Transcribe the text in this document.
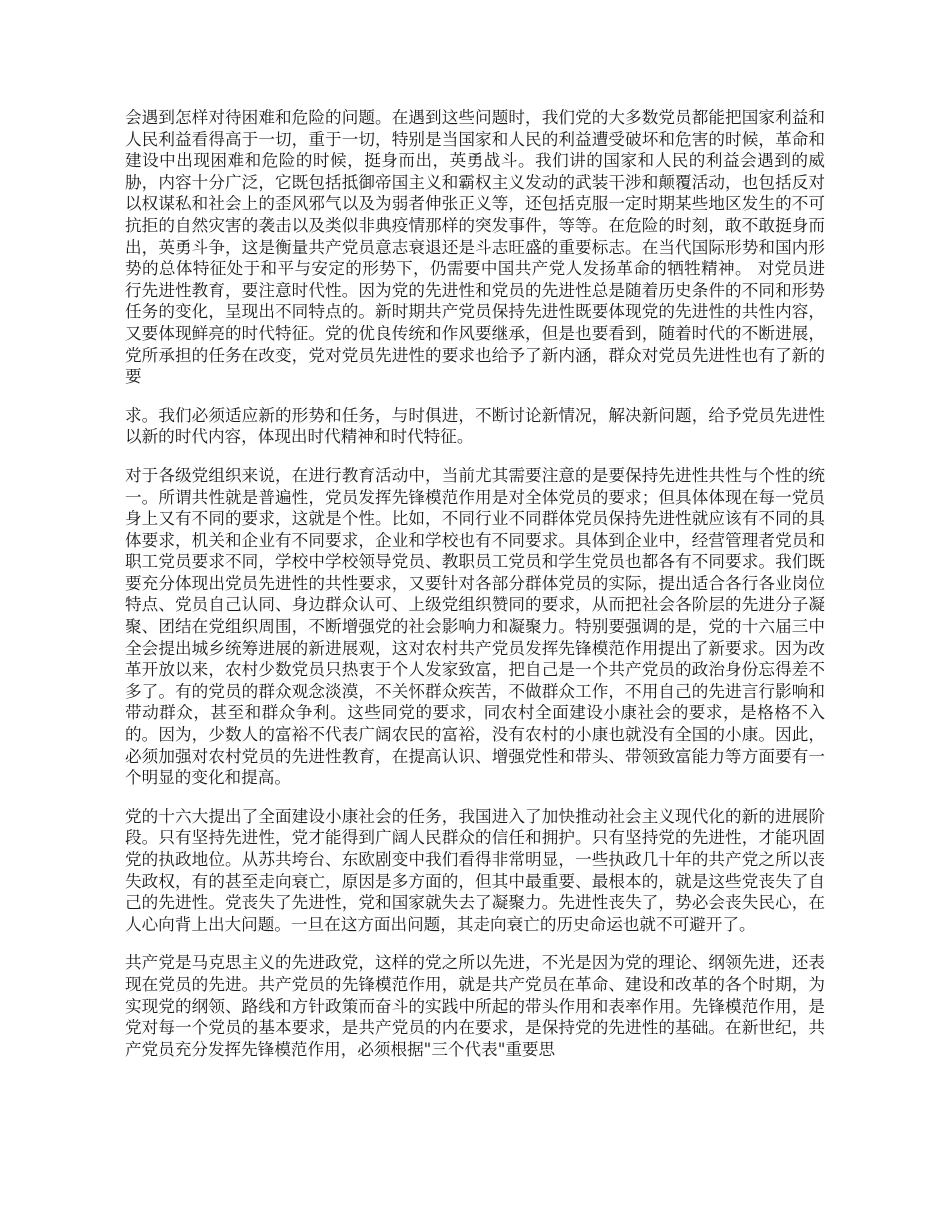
会遇到怎样对待困难和危险的问题。在遇到这些问题时，我们党的大多数党员都能把国家利益和人民利益看得高于一切，重于一切，特别是当国家和人民的利益遭受破坏和危害的时候，革命和建设中出现困难和危险的时候，挺身而出，英勇战斗。我们讲的国家和人民的利益会遇到的威胁，内容十分广泛，它既包括抵御帝国主义和霸权主义发动的武装干涉和颠覆活动，也包括反对以权谋私和社会上的歪风邪气以及为弱者伸张正义等，还包括克服一定时期某些地区发生的不可抗拒的自然灾害的袭击以及类似非典疫情那样的突发事件，等等。在危险的时刻，敢不敢挺身而出，英勇斗争，这是衡量共产党员意志衰退还是斗志旺盛的重要标志。在当代国际形势和国内形势的总体特征处于和平与安定的形势下，仍需要中国共产党人发扬革命的牺牲精神。 对党员进行先进性教育，要注意时代性。因为党的先进性和党员的先进性总是随着历史条件的不同和形势任务的变化，呈现出不同特点的。新时期共产党员保持先进性既要体现党的先进性的共性内容，又要体现鲜亮的时代特征。党的优良传统和作风要继承，但是也要看到，随着时代的不断进展，党所承担的任务在改变，党对党员先进性的要求也给予了新内涵，群众对党员先进性也有了新的要

求。我们必须适应新的形势和任务，与时俱进，不断讨论新情况，解决新问题，给予党员先进性以新的时代内容，体现出时代精神和时代特征。

对于各级党组织来说，在进行教育活动中，当前尤其需要注意的是要保持先进性共性与个性的统一。所谓共性就是普遍性，党员发挥先锋模范作用是对全体党员的要求；但具体体现在每一党员身上又有不同的要求，这就是个性。比如，不同行业不同群体党员保持先进性就应该有不同的具体要求，机关和企业有不同要求，企业和学校也有不同要求。具体到企业中，经营管理者党员和职工党员要求不同，学校中学校领导党员、教职员工党员和学生党员也都各有不同要求。我们既要充分体现出党员先进性的共性要求，又要针对各部分群体党员的实际，提出适合各行各业岗位特点、党员自己认同、身边群众认可、上级党组织赞同的要求，从而把社会各阶层的先进分子凝聚、团结在党组织周围，不断增强党的社会影响力和凝聚力。特别要强调的是，党的十六届三中全会提出城乡统筹进展的新进展观，这对农村共产党员发挥先锋模范作用提出了新要求。因为改革开放以来，农村少数党员只热衷于个人发家致富，把自己是一个共产党员的政治身份忘得差不多了。有的党员的群众观念淡漠，不关怀群众疾苦，不做群众工作，不用自己的先进言行影响和带动群众，甚至和群众争利。这些同党的要求，同农村全面建设小康社会的要求，是格格不入的。因为，少数人的富裕不代表广阔农民的富裕，没有农村的小康也就没有全国的小康。因此，必须加强对农村党员的先进性教育，在提高认识、增强党性和带头、带领致富能力等方面要有一个明显的变化和提高。

党的十六大提出了全面建设小康社会的任务，我国进入了加快推动社会主义现代化的新的进展阶段。只有坚持先进性，党才能得到广阔人民群众的信任和拥护。只有坚持党的先进性，才能巩固党的执政地位。从苏共垮台、东欧剧变中我们看得非常明显，一些执政几十年的共产党之所以丧失政权，有的甚至走向衰亡，原因是多方面的，但其中最重要、最根本的，就是这些党丧失了自己的先进性。党丧失了先进性，党和国家就失去了凝聚力。先进性丧失了，势必会丧失民心，在人心向背上出大问题。一旦在这方面出问题，其走向衰亡的历史命运也就不可避开了。

共产党是马克思主义的先进政党，这样的党之所以先进，不光是因为党的理论、纲领先进，还表现在党员的先进。共产党员的先锋模范作用，就是共产党员在革命、建设和改革的各个时期，为实现党的纲领、路线和方针政策而奋斗的实践中所起的带头作用和表率作用。先锋模范作用，是党对每一个党员的基本要求，是共产党员的内在要求，是保持党的先进性的基础。在新世纪，共产党员充分发挥先锋模范作用，必须根据"三个代表"重要思
